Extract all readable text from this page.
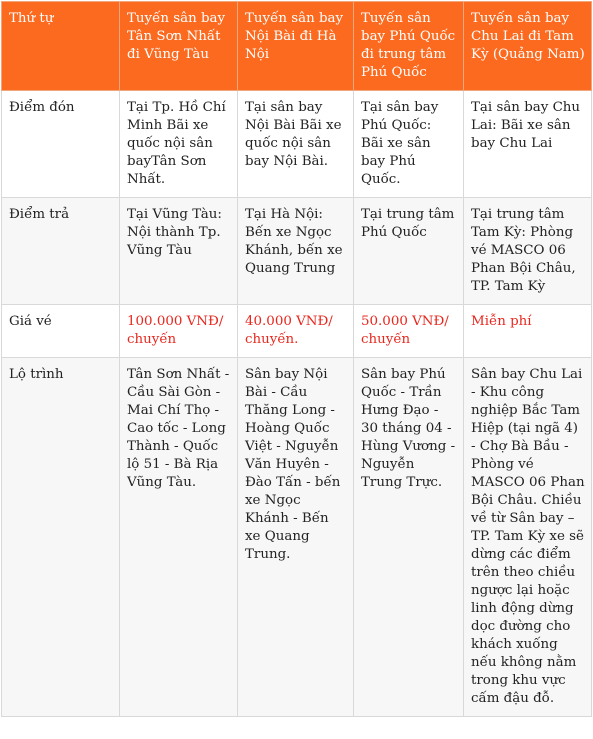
Thứ tự	Tuyến sân bay Tân Sơn Nhất đi Vũng Tàu	Tuyến sân bay Nội Bài đi Hà Nội	Tuyến sân bay Phú Quốc đi trung tâm Phú Quốc	Tuyến sân bay Chu Lai đi Tam Kỳ (Quảng Nam)
Điểm đón	Tại Tp. Hồ Chí Minh Bãi xe quốc nội sân bayTân Sơn Nhất.	Tại sân bay Nội Bài Bãi xe quốc nội sân bay Nội Bài.	Tại sân bay Phú Quốc: Bãi xe sân bay Phú Quốc.	Tại sân bay Chu Lai: Bãi xe sân bay Chu Lai
Điểm trả	Tại Vũng Tàu: Nội thành Tp. Vũng Tàu	Tại Hà Nội: Bến xe Ngọc Khánh, bến xe Quang Trung	Tại trung tâm Phú Quốc	Tại trung tâm Tam Kỳ: Phòng vé MASCO 06 Phan Bội Châu, TP. Tam Kỳ
Giá vé	100.000 VNĐ/ chuyến	40.000 VNĐ/ chuyến.	50.000 VNĐ/ chuyến	Miễn phí
Lộ trình	Tân Sơn Nhất - Cầu Sài Gòn - Mai Chí Thọ - Cao tốc - Long Thành - Quốc lộ 51 - Bà Rịa Vũng Tàu.	Sân bay Nội Bài - Cầu Thăng Long - Hoàng Quốc Việt - Nguyễn Văn Huyên - Đào Tấn - bến xe Ngọc Khánh - Bến xe Quang Trung.	Sân bay Phú Quốc - Trần Hưng Đạo - 30 tháng 04 - Hùng Vương - Nguyễn Trung Trực.	Sân bay Chu Lai - Khu công nghiệp Bắc Tam Hiệp (tại ngã 4) - Chợ Bà Bầu - Phòng vé MASCO 06 Phan Bội Châu. Chiều về từ Sân bay – TP. Tam Kỳ xe sẽ dừng các điểm trên theo chiều ngược lại hoặc linh động dừng dọc đường cho khách xuống nếu không nằm trong khu vực cấm đậu đỗ.
